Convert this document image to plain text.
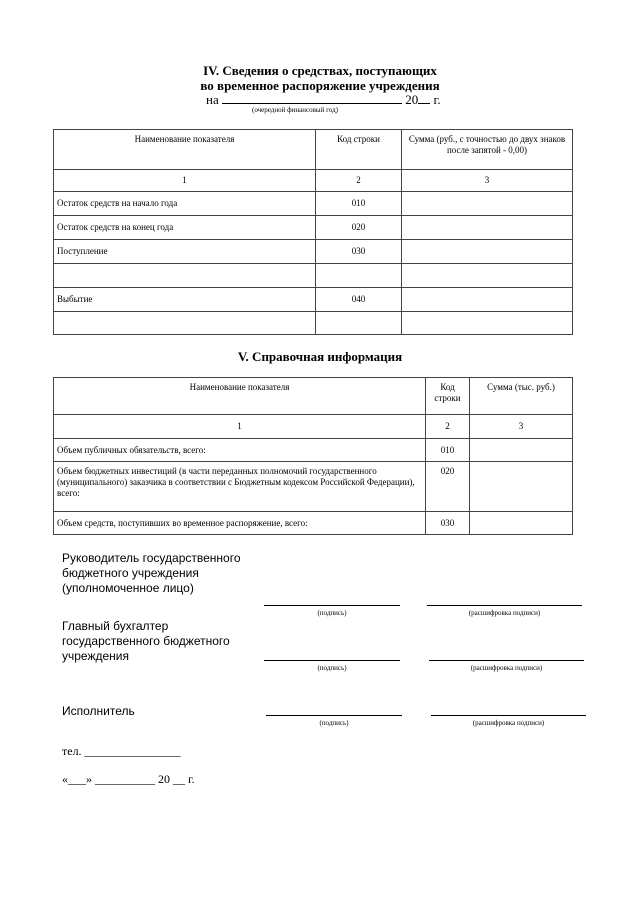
IV. Сведения о средствах, поступающих
во временное распоряжение учреждения
на	20 г.
(очередной финансовый год)
Наименование показателя	Код строки	Сумма (руб., с точностью до двух знаков после запятой - 0,00)
1	2	3
Остаток средств на начало года	010	
Остаток средств на конец года	020	
Поступление	030	

Выбытие	040	

V. Справочная информация
Наименование показателя	Код строки	Сумма (тыс. руб.)
1	2	3
Объем публичных обязательств, всего:	010	
Объем бюджетных инвестиций (в части переданных полномочий государственного (муниципального) заказчика в соответствии с Бюджетным кодексом Российской Федерации), всего:	020	
Объем средств, поступивших во временное распоряжение, всего:	030	
Руководитель государственного бюджетного учреждения (уполномоченное лицо)
(подпись)	(расшифровка подписи)
Главный бухгалтер государственного бюджетного учреждения
(подпись)	(расшифровка подписи)
Исполнитель
(подпись)	(расшифровка подписи)
тел. ________________
«___» __________ 20 __ г.
